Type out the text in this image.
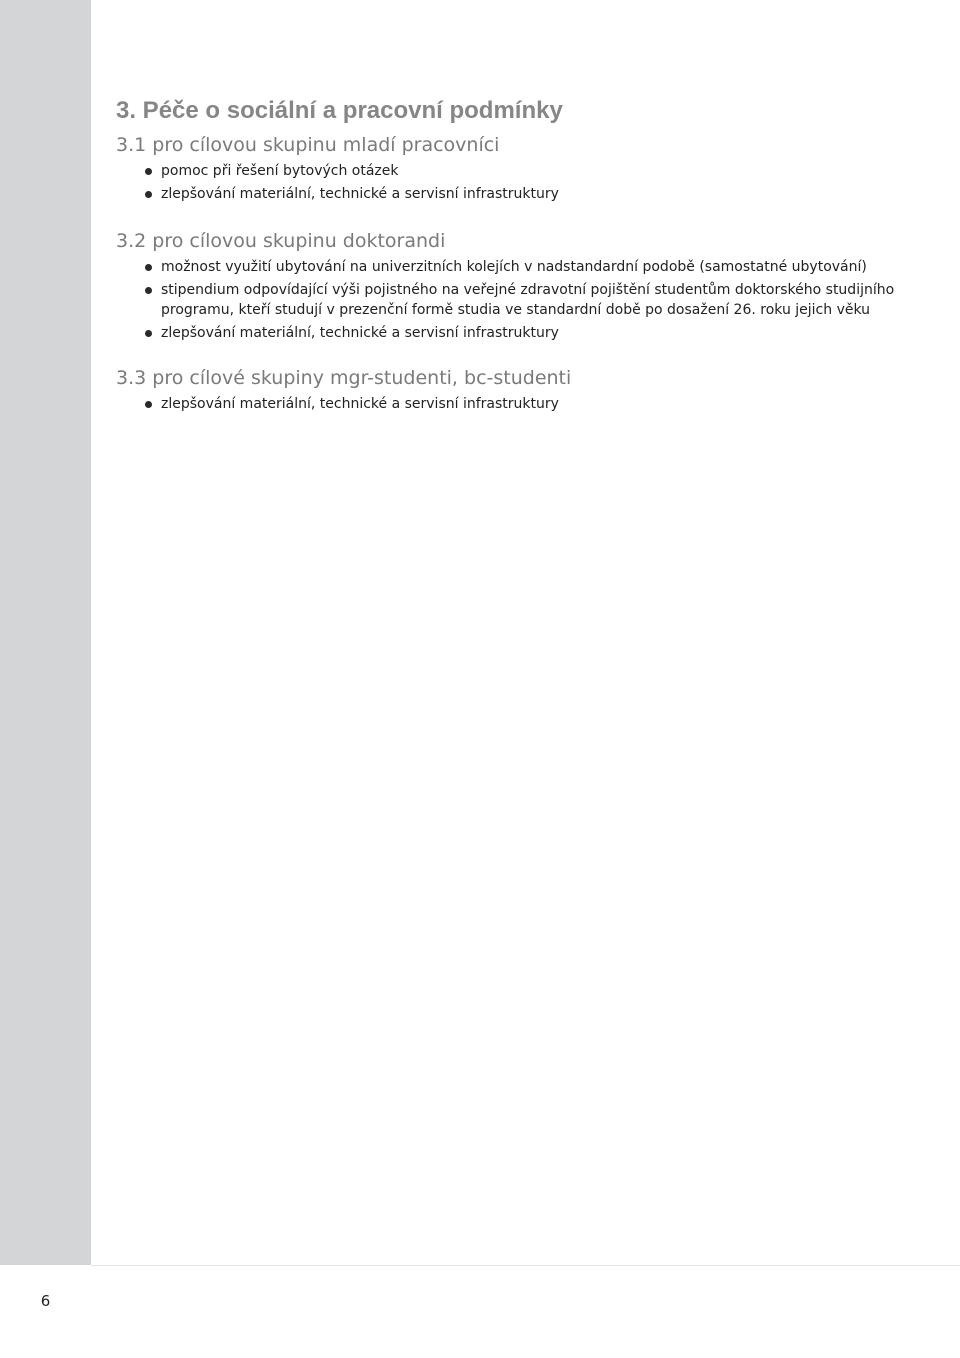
3. Péče o sociální a pracovní podmínky
3.1 pro cílovou skupinu mladí pracovníci
pomoc při řešení bytových otázek
zlepšování materiální, technické a servisní infrastruktury
3.2 pro cílovou skupinu doktorandi
možnost využití ubytování na univerzitních kolejích v nadstandardní podobě (samostatné ubytování)
stipendium odpovídající výši pojistného na veřejné zdravotní pojištění studentům doktorského studijního programu, kteří studují v prezenční formě studia ve standardní době po dosažení 26. roku jejich věku
zlepšování materiální, technické a servisní infrastruktury
3.3 pro cílové skupiny mgr-studenti, bc-studenti
zlepšování materiální, technické a servisní infrastruktury
6
